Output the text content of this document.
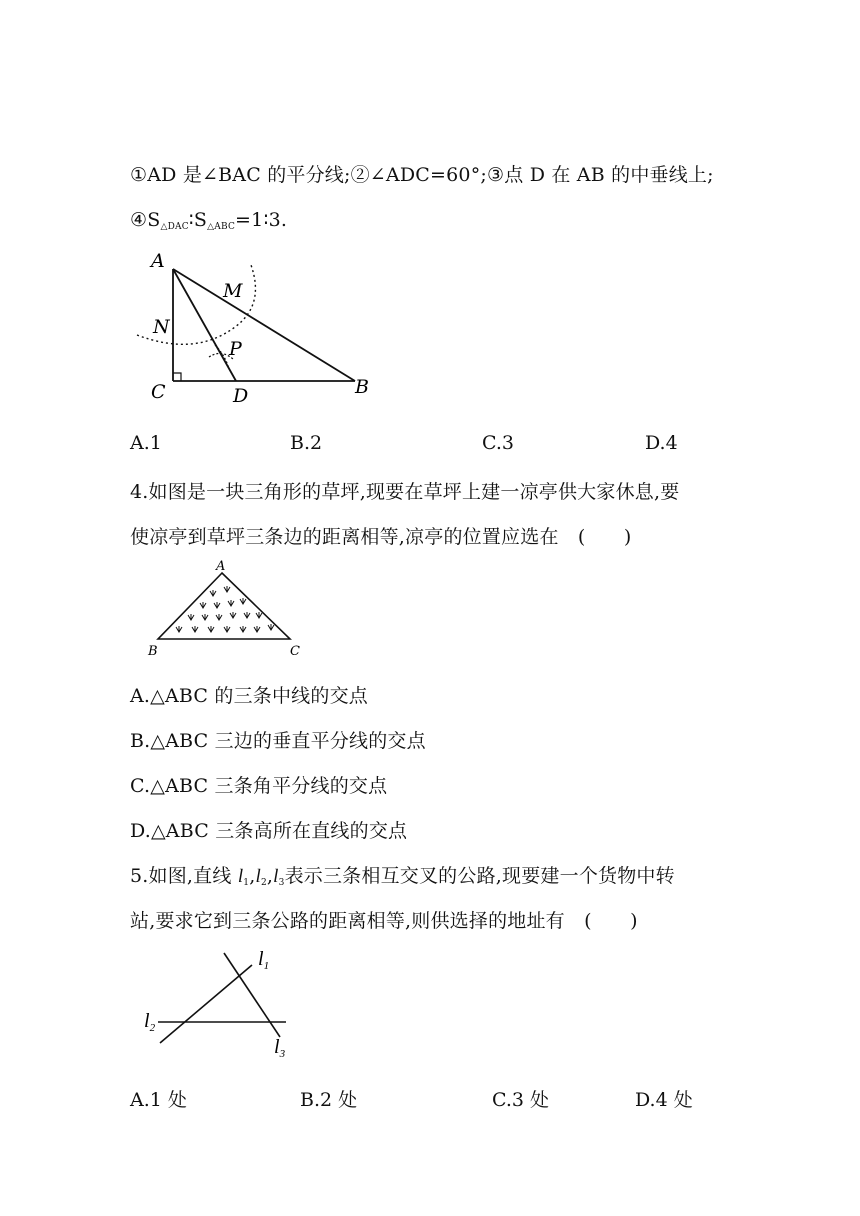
①AD 是∠BAC 的平分线;②∠ADC=60°;③点 D 在 AB 的中垂线上;
$④S_{\triangle DAC}∶S_{\triangle ABC}=1∶3$.
A
M
N
P
C	D	B
A.1	B.2	C.3	D.4
4.如图是一块三角形的草坪,现要在草坪上建一凉亭供大家休息,要
使凉亭到草坪三条边的距离相等,凉亭的位置应选在　(　　)
A
B	C
A.△ABC 的三条中线的交点
B.△ABC 三边的垂直平分线的交点
C.△ABC 三条角平分线的交点
D.△ABC 三条高所在直线的交点
5.如图,直线 $l_1,l_2,l_3$表示三条相互交叉的公路,现要建一个货物中转
站,要求它到三条公路的距离相等,则供选择的地址有　(　　)
$l_1$
$l_2$
$l_3$
A.1 处	B.2 处	C.3 处	D.4 处
